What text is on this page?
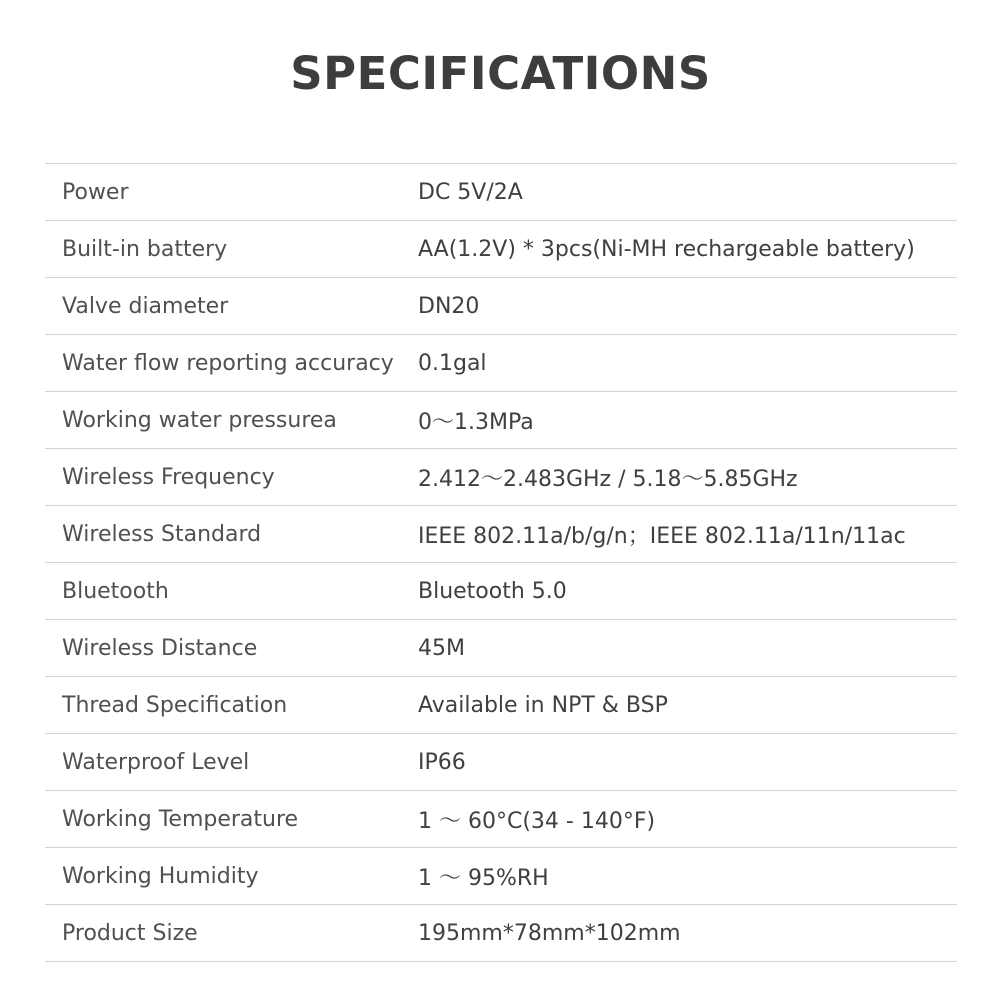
SPECIFICATIONS
Power	DC 5V/2A
Built-in battery	AA(1.2V) * 3pcs(Ni-MH rechargeable battery)
Valve diameter	DN20
Water flow reporting accuracy	0.1gal
Working water pressurea	0～1.3MPa
Wireless Frequency	2.412～2.483GHz / 5.18～5.85GHz
Wireless Standard	IEEE 802.11a/b/g/n；IEEE 802.11a/11n/11ac
Bluetooth	Bluetooth 5.0
Wireless Distance	45M
Thread Specification	Available in NPT & BSP
Waterproof Level	IP66
Working Temperature	1 ～ 60°C(34 - 140°F)
Working Humidity	1 ～ 95%RH
Product Size	195mm*78mm*102mm
